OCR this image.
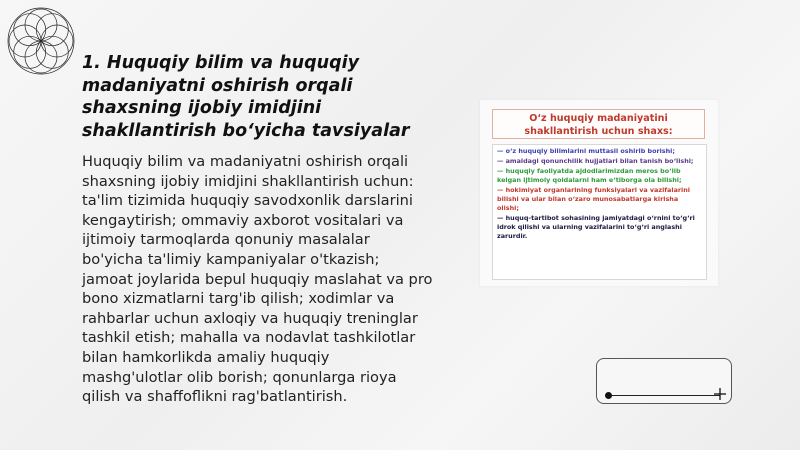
1. Huquqiy bilim va huquqiy madaniyatni oshirish orqali shaxsning ijobiy imidjini shakllantirish bo‘yicha tavsiyalar
Huquqiy bilim va madaniyatni oshirish orqali shaxsning ijobiy imidjini shakllantirish uchun: ta'lim tizimida huquqiy savodxonlik darslarini kengaytirish; ommaviy axborot vositalari va ijtimoiy tarmoqlarda qonuniy masalalar bo'yicha ta'limiy kampaniyalar o'tkazish; jamoat joylarida bepul huquqiy maslahat va pro bono xizmatlarni targ'ib qilish; xodimlar va rahbarlar uchun axloqiy va huquqiy treninglar tashkil etish; mahalla va nodavlat tashkilotlar bilan hamkorlikda amaliy huquqiy mashg'ulotlar olib borish; qonunlarga rioya qilish va shaffoflikni rag'batlantirish.
O‘z huquqiy madaniyatini shakllantirish uchun shaxs:
— o‘z huquqiy bilimlarini muttasil oshirib borishi;
— amaldagi qonunchilik hujjatlari bilan tanish bo‘lishi;
— huquqiy faoliyatda ajdodlarimizdan meros bo‘lib kelgan ijtimoiy qoidalarni ham e‘tiborga ola bilishi;
— hokimiyat organlarining funksiyalari va vazifalarini bilishi va ular bilan o‘zaro munosabatlarga kirisha olishi;
— huquq-tartibot sohasining jamiyatdagi o‘rnini to‘g‘ri idrok qilishi va ularning vazifalarini to‘g‘ri anglashi zarurdir.
